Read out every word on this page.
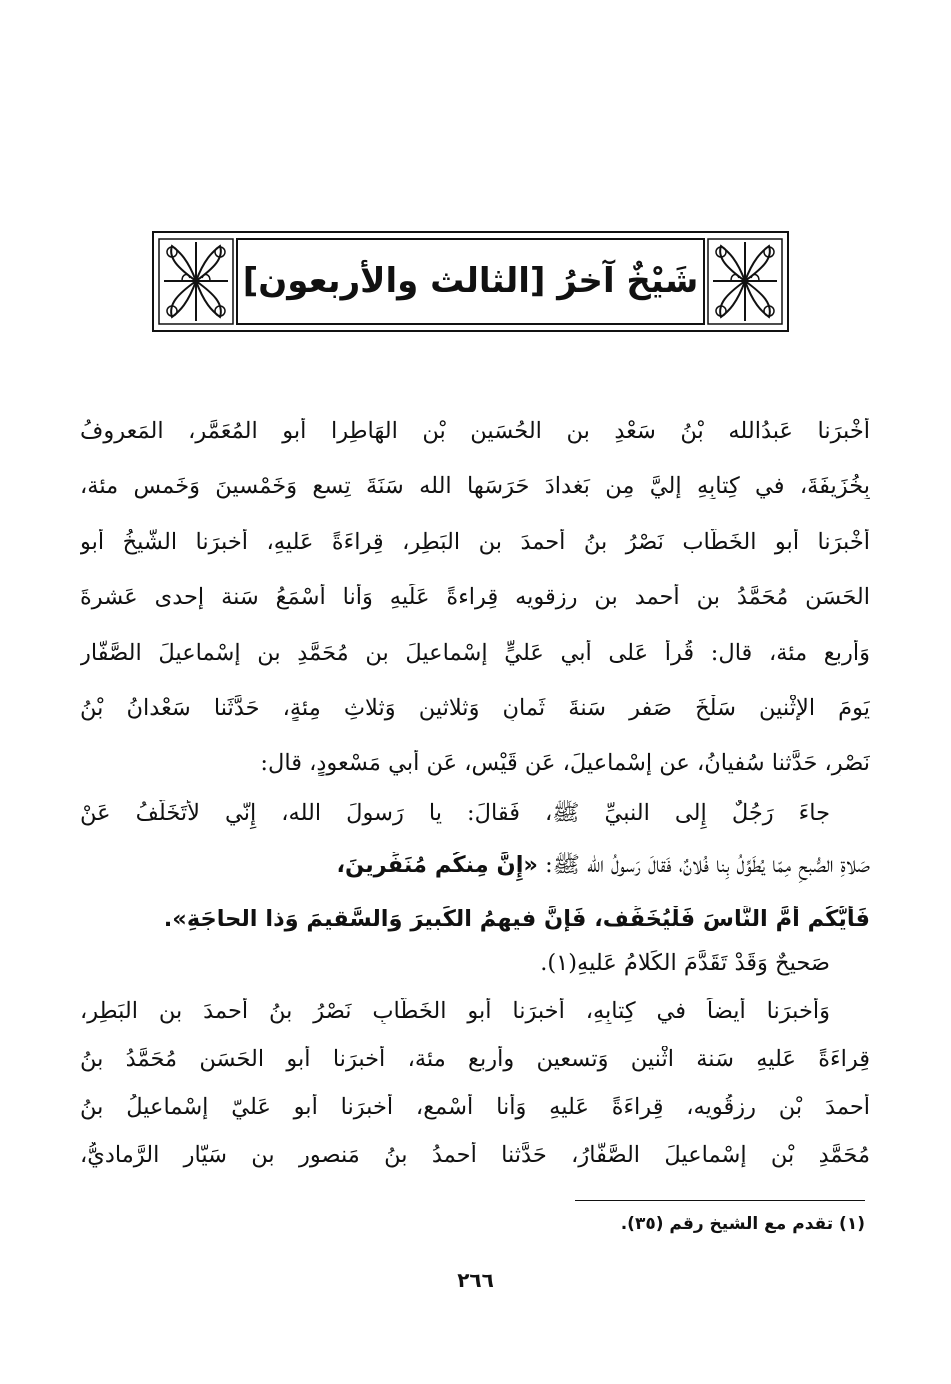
شَيْخٌ آخرُ [الثالث والأربعون]
أَخْبرَنا عَبدُالله بْنُ سَعْدِ بن الحُسَينِ بْنِ الهَاطِرا أبو المُعَمَّرِ، المَعروفُ
بِخُزَيفَةَ، في كِتابِهِ إِليَّ مِن بَغدادَ حَرَسَها الله سَنَةَ تِسعٍ وَخَمْسينَ وَخَمس مئة،
أَخْبرَنا أبو الخَطّاب نَصْرُ بنُ أحمدَ بن البَطِر، قِراءَةً عَليهِ، أخبرَنا الشَّيخُ أبو
الحَسَنِ مُحَمَّدُ بن أحمد بن رِزقويه قِراءةً عَلَيهِ وَأَنا أَسْمَعُ سَنة إِحدى عَشرةَ
وَأربع مئة، قال: قُرِأَ عَلى أبي عَليٍّ إِسْماعيلَ بن مُحَمَّدِ بن إسْماعيلَ الصَّفّار
يَومَ الإِثْنين سَلْخَ صَفر سَنةَ ثَمانٍ وَثلاثين وَثلاثِ مِئةٍ، حَدَّثَنا سَعْدانُ بْنُ
نَصْرٍ، حَدَّثنا سُفيانُ، عن إِسْماعيلَ، عَن قَيْسٍ، عَن أبي مَسْعودٍ، قال:
جاءَ رَجُلٌ إِلى النبيِّ ﷺ، فَقالَ: يا رَسولَ الله، إِنّي لأتَخَلَّفُ عَنْ
صَلاةِ الصُّبحِ مِمّا يُطَوِّلُ بِنا فُلانٌ، فَقالَ رَسولُ الله ﷺ: «إِنَّ مِنكُم مُنَفِّرينَ،
فَأيُّكُم أَمَّ النَّاسَ فَلْيُخَفِّف، فَإِنَّ فيهِمُ الكَبيرَ وَالسَّقيمَ وَذا الحاجَةِ».
صَحيحٌ وَقَدْ تَقَدَّمَ الكَلامُ عَليهِ(١).
وَأَخبرَنا أيضاً في كِتابِهِ، أَخبرَنا أبو الخَطّابِ نَصْرُ بنُ أحمدَ بن البَطِرِ،
قِراءَةً عَليهِ سَنة اثْنين وَتسعين وأربع مئة، أَخبرَنا أبو الحَسَنِ مُحَمَّدُ بنُ
أحمدَ بْنِ رِزقُويه، قِراءَةً عَليهِ وَأنا أَسْمع، أَخبرَنا أبو عَليّ إِسْماعيلُ بنُ
(١) تقدم مع الشيخ رقم (٣٥).
٢٦٦
مُحَمَّدِ بْنِ إِسْماعيلَ الصَّفَّارُ، حَدَّثنا أحمدُ بنُ مَنصور بن سَيّار الرَّماديُّ،
